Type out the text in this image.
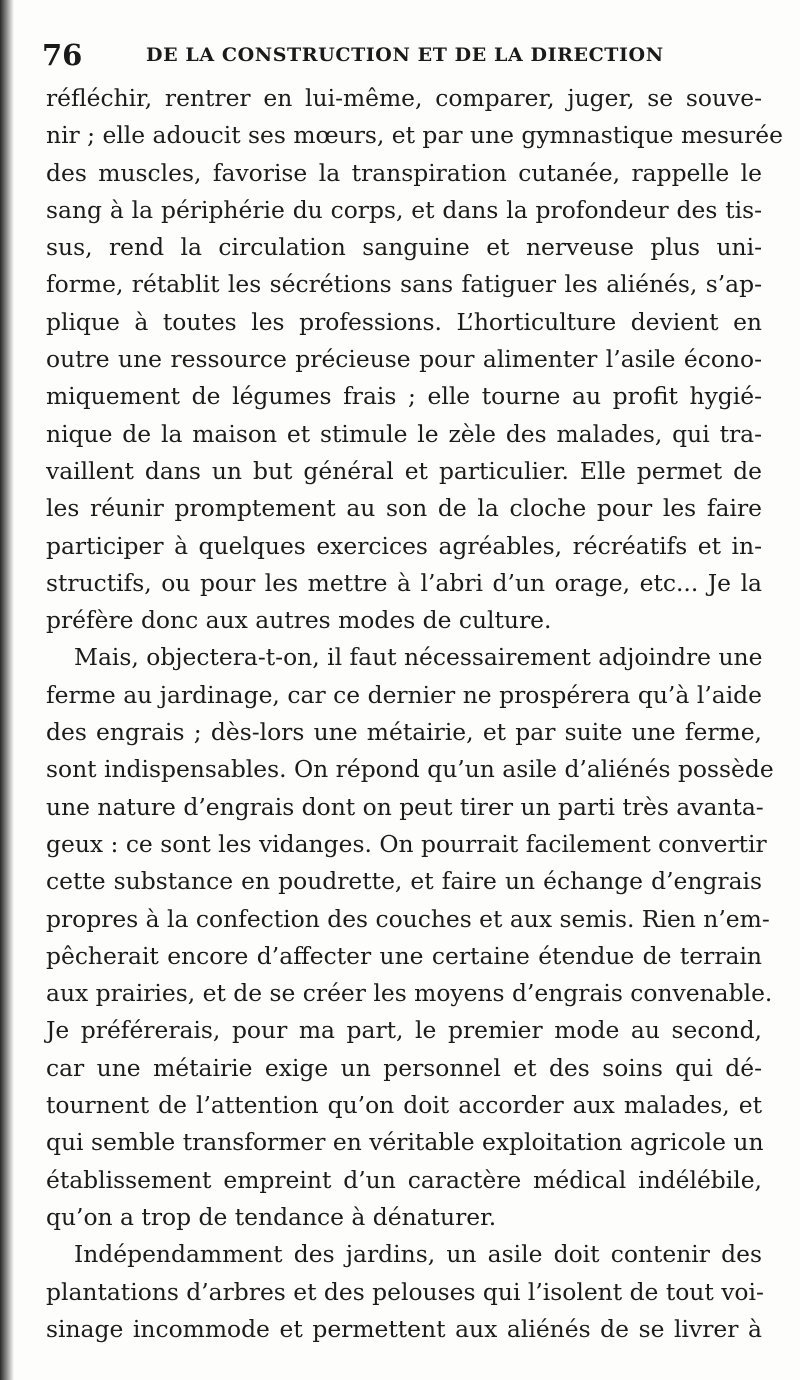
76	DE LA CONSTRUCTION ET DE LA DIRECTION
réfléchir, rentrer en lui-même, comparer, juger, se souve-
nir ; elle adoucit ses mœurs, et par une gymnastique mesurée
des muscles, favorise la transpiration cutanée, rappelle le
sang à la périphérie du corps, et dans la profondeur des tis-
sus, rend la circulation sanguine et nerveuse plus uni-
forme, rétablit les sécrétions sans fatiguer les aliénés, s’ap-
plique à toutes les professions. L’horticulture devient en
outre une ressource précieuse pour alimenter l’asile écono-
miquement de légumes frais ; elle tourne au profit hygié-
nique de la maison et stimule le zèle des malades, qui tra-
vaillent dans un but général et particulier. Elle permet de
les réunir promptement au son de la cloche pour les faire
participer à quelques exercices agréables, récréatifs et in-
structifs, ou pour les mettre à l’abri d’un orage, etc... Je la
préfère donc aux autres modes de culture.
Mais, objectera-t-on, il faut nécessairement adjoindre une
ferme au jardinage, car ce dernier ne prospérera qu’à l’aide
des engrais ; dès-lors une métairie, et par suite une ferme,
sont indispensables. On répond qu’un asile d’aliénés possède
une nature d’engrais dont on peut tirer un parti très avanta-
geux : ce sont les vidanges. On pourrait facilement convertir
cette substance en poudrette, et faire un échange d’engrais
propres à la confection des couches et aux semis. Rien n’em-
pêcherait encore d’affecter une certaine étendue de terrain
aux prairies, et de se créer les moyens d’engrais convenable.
Je préférerais, pour ma part, le premier mode au second,
car une métairie exige un personnel et des soins qui dé-
tournent de l’attention qu’on doit accorder aux malades, et
qui semble transformer en véritable exploitation agricole un
établissement empreint d’un caractère médical indélébile,
qu’on a trop de tendance à dénaturer.
Indépendamment des jardins, un asile doit contenir des
plantations d’arbres et des pelouses qui l’isolent de tout voi-
sinage incommode et permettent aux aliénés de se livrer à
